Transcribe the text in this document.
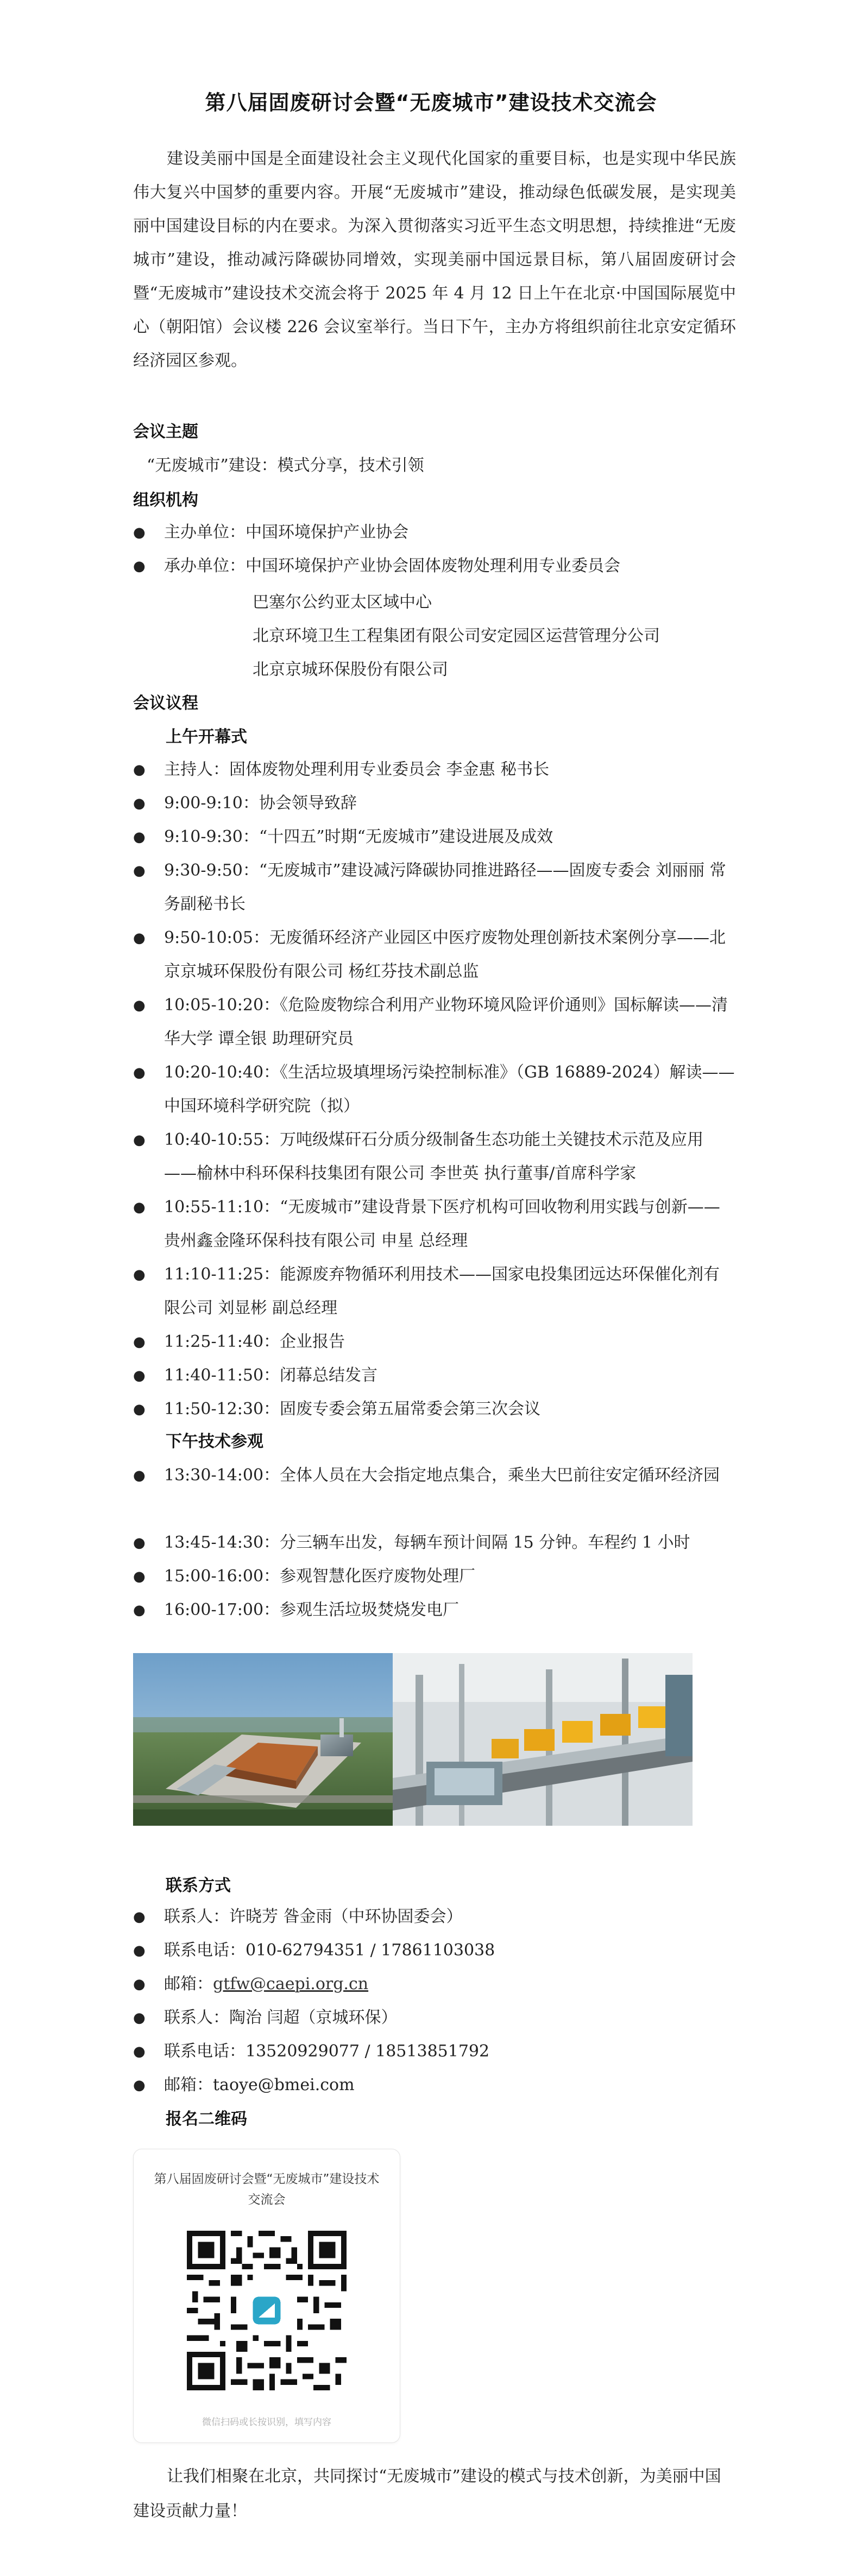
第八届固废研讨会暨“无废城市”建设技术交流会
建设美丽中国是全面建设社会主义现代化国家的重要目标，也是实现中华民族伟大复兴中国梦的重要内容。开展“无废城市”建设，推动绿色低碳发展，是实现美丽中国建设目标的内在要求。为深入贯彻落实习近平生态文明思想，持续推进“无废城市”建设，推动减污降碳协同增效，实现美丽中国远景目标，第八届固废研讨会暨“无废城市”建设技术交流会将于 2025 年 4 月 12 日上午在北京·中国国际展览中心（朝阳馆）会议楼 226 会议室举行。当日下午，主办方将组织前往北京安定循环经济园区参观。
会议主题
“无废城市”建设：模式分享，技术引领
组织机构
● 主办单位：中国环境保护产业协会
● 承办单位：中国环境保护产业协会固体废物处理利用专业委员会
巴塞尔公约亚太区域中心
北京环境卫生工程集团有限公司安定园区运营管理分公司
北京京城环保股份有限公司
会议议程
上午开幕式
● 主持人：固体废物处理利用专业委员会 李金惠 秘书长
● 9:00-9:10：协会领导致辞
● 9:10-9:30：“十四五”时期“无废城市”建设进展及成效
● 9:30-9:50：“无废城市”建设减污降碳协同推进路径——固废专委会 刘丽丽 常务副秘书长
● 9:50-10:05：无废循环经济产业园区中医疗废物处理创新技术案例分享——北京京城环保股份有限公司 杨红芬技术副总监
● 10:05-10:20：《危险废物综合利用产业物环境风险评价通则》国标解读——清华大学 谭全银 助理研究员
● 10:20-10:40：《生活垃圾填埋场污染控制标准》（GB 16889-2024）解读——中国环境科学研究院（拟）
● 10:40-10:55：万吨级煤矸石分质分级制备生态功能土关键技术示范及应用——榆林中科环保科技集团有限公司 李世英 执行董事/首席科学家
● 10:55-11:10：“无废城市”建设背景下医疗机构可回收物利用实践与创新——贵州鑫金隆环保科技有限公司 申星 总经理
● 11:10-11:25：能源废弃物循环利用技术——国家电投集团远达环保催化剂有限公司 刘显彬 副总经理
● 11:25-11:40：企业报告
● 11:40-11:50：闭幕总结发言
● 11:50-12:30：固废专委会第五届常委会第三次会议
下午技术参观
● 13:30-14:00：全体人员在大会指定地点集合，乘坐大巴前往安定循环经济园
● 13:45-14:30：分三辆车出发，每辆车预计间隔 15 分钟。车程约 1 小时
● 15:00-16:00：参观智慧化医疗废物处理厂
● 16:00-17:00：参观生活垃圾焚烧发电厂
联系方式
● 联系人：许晓芳 昝金雨（中环协固委会）
● 联系电话：010-62794351 / 17861103038
● 邮箱：gtfw@caepi.org.cn
● 联系人：陶治 闫超（京城环保）
● 联系电话：13520929077 / 18513851792
● 邮箱：taoye@bmei.com
报名二维码
第八届固废研讨会暨“无废城市”建设技术交流会
微信扫码或长按识别，填写内容
让我们相聚在北京，共同探讨“无废城市”建设的模式与技术创新，为美丽中国建设贡献力量！
